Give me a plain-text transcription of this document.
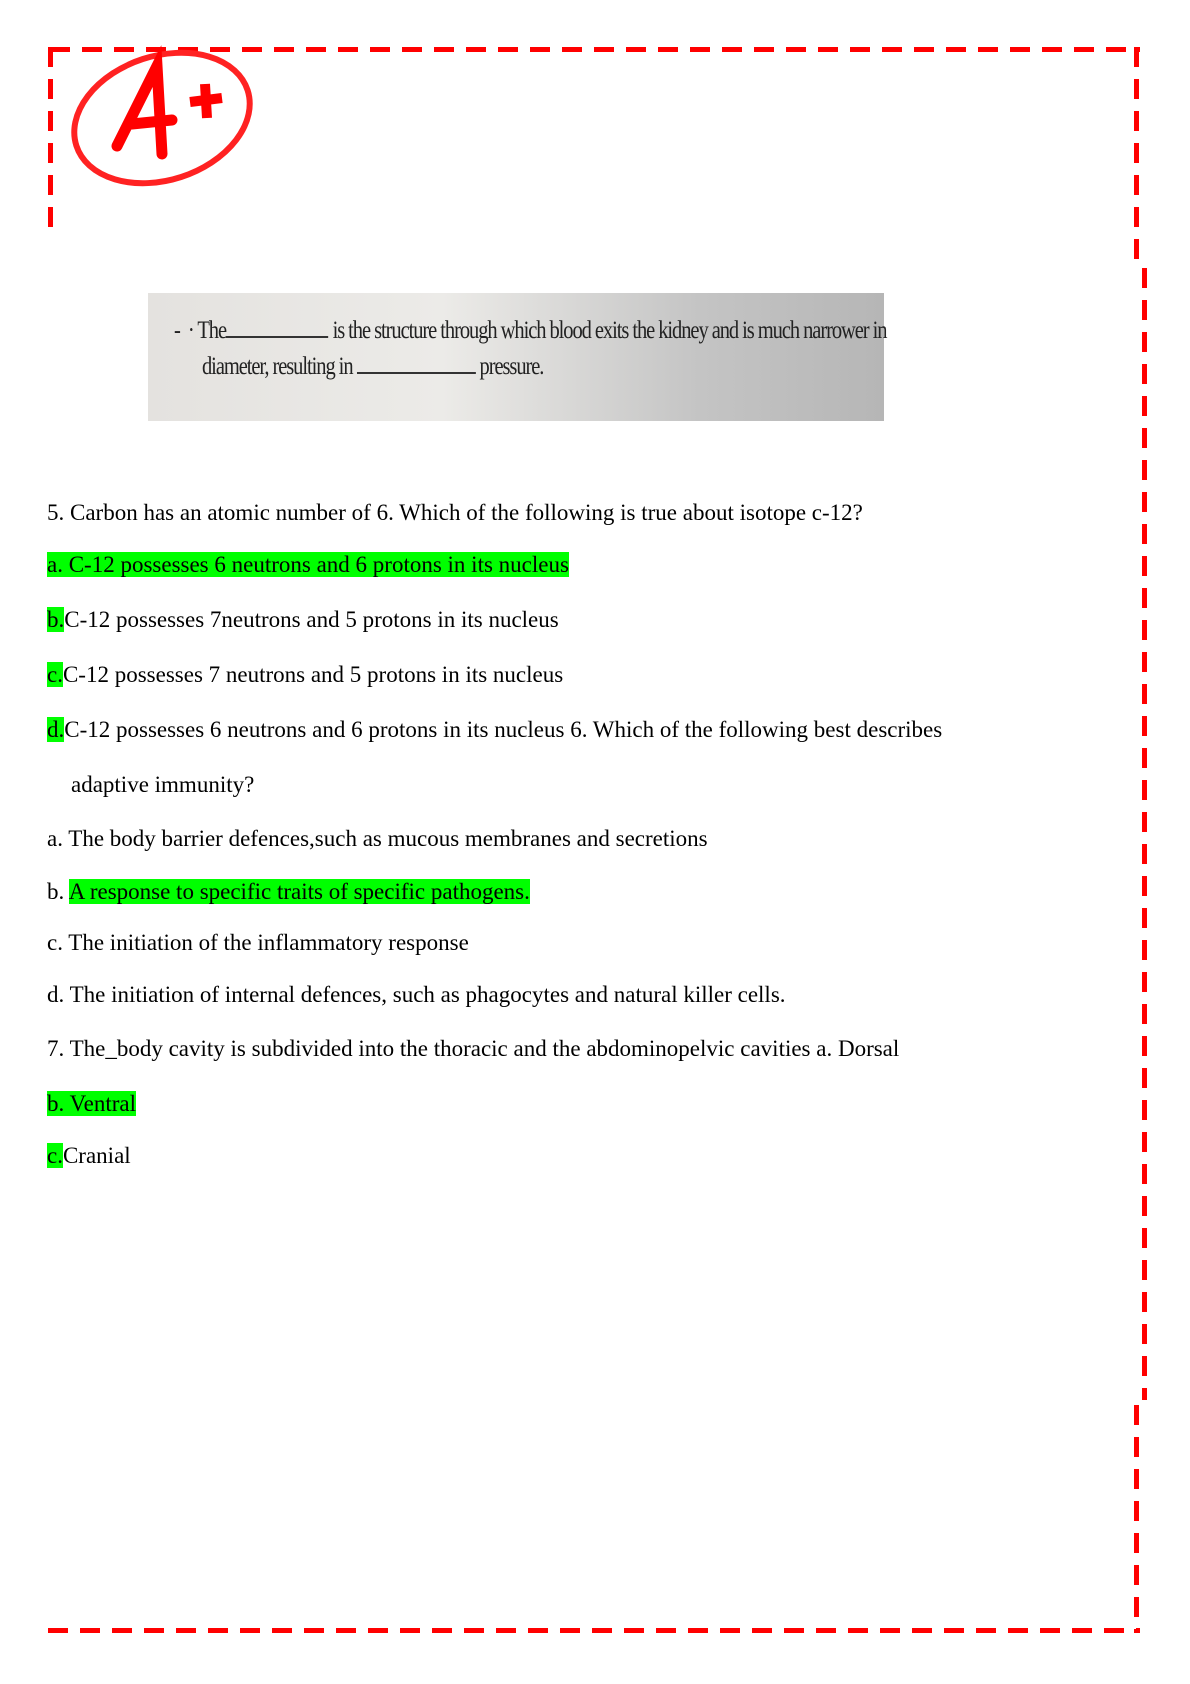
- · The	is the structure through which blood exits the kidney and is much narrower in
diameter, resulting in	pressure.
5. Carbon has an atomic number of 6. Which of the following is true about isotope c-12?
a. C-12 possesses 6 neutrons and 6 protons in its nucleus
b.C-12 possesses 7neutrons and 5 protons in its nucleus
c.C-12 possesses 7 neutrons and 5 protons in its nucleus
d.C-12 possesses 6 neutrons and 6 protons in its nucleus 6. Which of the following best describes
adaptive immunity?
a. The body barrier defences,such as mucous membranes and secretions
b. A response to specific traits of specific pathogens.
c. The initiation of the inflammatory response
d. The initiation of internal defences, such as phagocytes and natural killer cells.
7. The_body cavity is subdivided into the thoracic and the abdominopelvic cavities a. Dorsal
b. Ventral
c.Cranial
